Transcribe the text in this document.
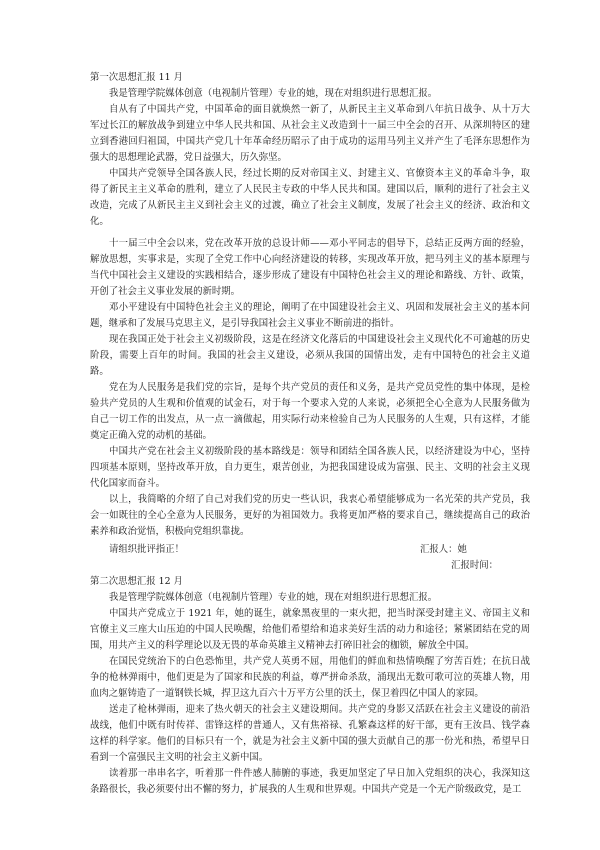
第一次思想汇报 11 月

我是管理学院媒体创意（电视制片管理）专业的她，现在对组织进行思想汇报。

自从有了中国共产党，中国革命的面目就焕然一新了，从新民主主义革命到八年抗日战争、从十万大军过长江的解放战争到建立中华人民共和国、从社会主义改造到十一届三中全会的召开、从深圳特区的建立到香港回归祖国，中国共产党几十年革命经历昭示了由于成功的运用马列主义并产生了毛泽东思想作为强大的思想理论武器，党日益强大，历久弥坚。

中国共产党领导全国各族人民，经过长期的反对帝国主义、封建主义、官僚资本主义的革命斗争，取得了新民主主义革命的胜利，建立了人民民主专政的中华人民共和国。建国以后，顺利的进行了社会主义改造，完成了从新民主主义到社会主义的过渡，确立了社会主义制度，发展了社会主义的经济、政治和文化。

十一届三中全会以来，党在改革开放的总设计师——邓小平同志的倡导下，总结正反两方面的经验，解放思想，实事求是，实现了全党工作中心向经济建设的转移，实现改革开放，把马列主义的基本原理与当代中国社会主义建设的实践相结合，逐步形成了建设有中国特色社会主义的理论和路线、方针、政策，开创了社会主义事业发展的新时期。

邓小平建设有中国特色社会主义的理论，阐明了在中国建设社会主义、巩固和发展社会主义的基本问题，继承和了发展马克思主义，是引导我国社会主义事业不断前进的指针。

现在我国正处于社会主义初级阶段，这是在经济文化落后的中国建设社会主义现代化不可逾越的历史阶段，需要上百年的时间。我国的社会主义建设，必须从我国的国情出发，走有中国特色的社会主义道路。

党在为人民服务是我们党的宗旨，是每个共产党员的责任和义务，是共产党员党性的集中体现，是检验共产党员的人生观和价值观的试金石，对于每一个要求入党的人来说，必须把全心全意为人民服务做为自己一切工作的出发点，从一点一滴做起，用实际行动来检验自己为人民服务的人生观，只有这样，才能奠定正确入党的动机的基础。

中国共产党在社会主义初级阶段的基本路线是：领导和团结全国各族人民，以经济建设为中心，坚持四项基本原则，坚持改革开放，自力更生，艰苦创业，为把我国建设成为富强、民主、文明的社会主义现代化国家而奋斗。

以上，我简略的介绍了自己对我们党的历史一些认识，我衷心希望能够成为一名光荣的共产党员，我会一如既往的全心全意为人民服务，更好的为祖国效力。我将更加严格的要求自己，继续提高自己的政治素养和政治觉悟，积极向党组织靠拢。

请组织批评指正！	汇报人：她
汇报时间：
第二次思想汇报 12 月

我是管理学院媒体创意（电视制片管理）专业的她，现在对组织进行思想汇报。

中国共产党成立于 1921 年，她的诞生，就象黑夜里的一束火把，把当时深受封建主义、帝国主义和官僚主义三座大山压迫的中国人民唤醒，给他们希望给和追求美好生活的动力和途径；紧紧团结在党的周围，用共产主义的科学理论以及无畏的革命英雄主义精神去打碎旧社会的枷锁，解放全中国。

在国民党统治下的白色恐怖里，共产党人英勇不屈，用他们的鲜血和热情唤醒了穷苦百姓；在抗日战争的枪林弹雨中，他们更是为了国家和民族的利益，尊严拼命杀敌，涌现出无数可歌可泣的英雄人物，用血肉之躯铸造了一道钢铁长城，捍卫这九百六十万平方公里的沃土，保卫着四亿中国人的家园。

送走了枪林弹雨，迎来了热火朝天的社会主义建设期间。共产党的身影又活跃在社会主义建设的前沿战线，他们中既有时传祥、雷锋这样的普通人，又有焦裕禄、孔繁森这样的好干部，更有王汝昌、钱学森这样的科学家。他们的目标只有一个，就是为社会主义新中国的强大贡献自己的那一份光和热，希望早日看到一个富强民主文明的社会主义新中国。

读着那一串串名字，听着那一件件感人肺腑的事迹，我更加坚定了早日加入党组织的决心，我深知这条路很长，我必须要付出不懈的努力，扩展我的人生观和世界观。中国共产党是一个无产阶级政党，是工
